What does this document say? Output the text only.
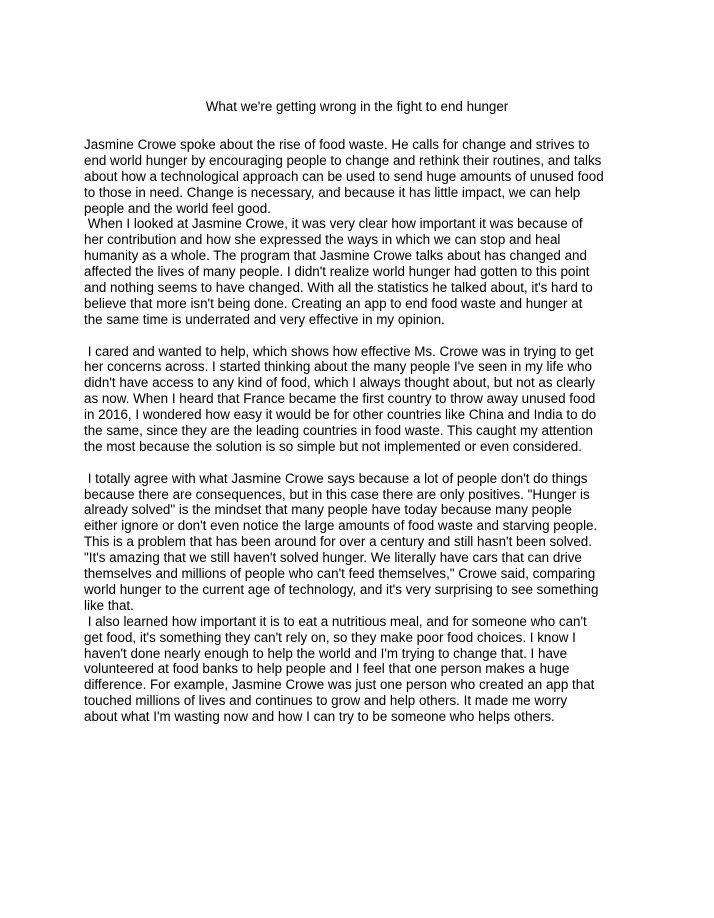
What we're getting wrong in the fight to end hunger
Jasmine Crowe spoke about the rise of food waste. He calls for change and strives to
end world hunger by encouraging people to change and rethink their routines, and talks
about how a technological approach can be used to send huge amounts of unused food
to those in need. Change is necessary, and because it has little impact, we can help
people and the world feel good.
When I looked at Jasmine Crowe, it was very clear how important it was because of
her contribution and how she expressed the ways in which we can stop and heal
humanity as a whole. The program that Jasmine Crowe talks about has changed and
affected the lives of many people. I didn't realize world hunger had gotten to this point
and nothing seems to have changed. With all the statistics he talked about, it's hard to
believe that more isn't being done. Creating an app to end food waste and hunger at
the same time is underrated and very effective in my opinion.
I cared and wanted to help, which shows how effective Ms. Crowe was in trying to get
her concerns across. I started thinking about the many people I've seen in my life who
didn't have access to any kind of food, which I always thought about, but not as clearly
as now. When I heard that France became the first country to throw away unused food
in 2016, I wondered how easy it would be for other countries like China and India to do
the same, since they are the leading countries in food waste. This caught my attention
the most because the solution is so simple but not implemented or even considered.
I totally agree with what Jasmine Crowe says because a lot of people don't do things
because there are consequences, but in this case there are only positives. "Hunger is
already solved" is the mindset that many people have today because many people
either ignore or don't even notice the large amounts of food waste and starving people.
This is a problem that has been around for over a century and still hasn't been solved.
"It's amazing that we still haven't solved hunger. We literally have cars that can drive
themselves and millions of people who can't feed themselves," Crowe said, comparing
world hunger to the current age of technology, and it's very surprising to see something
like that.
I also learned how important it is to eat a nutritious meal, and for someone who can't
get food, it's something they can't rely on, so they make poor food choices. I know I
haven't done nearly enough to help the world and I'm trying to change that. I have
volunteered at food banks to help people and I feel that one person makes a huge
difference. For example, Jasmine Crowe was just one person who created an app that
touched millions of lives and continues to grow and help others. It made me worry
about what I'm wasting now and how I can try to be someone who helps others.
